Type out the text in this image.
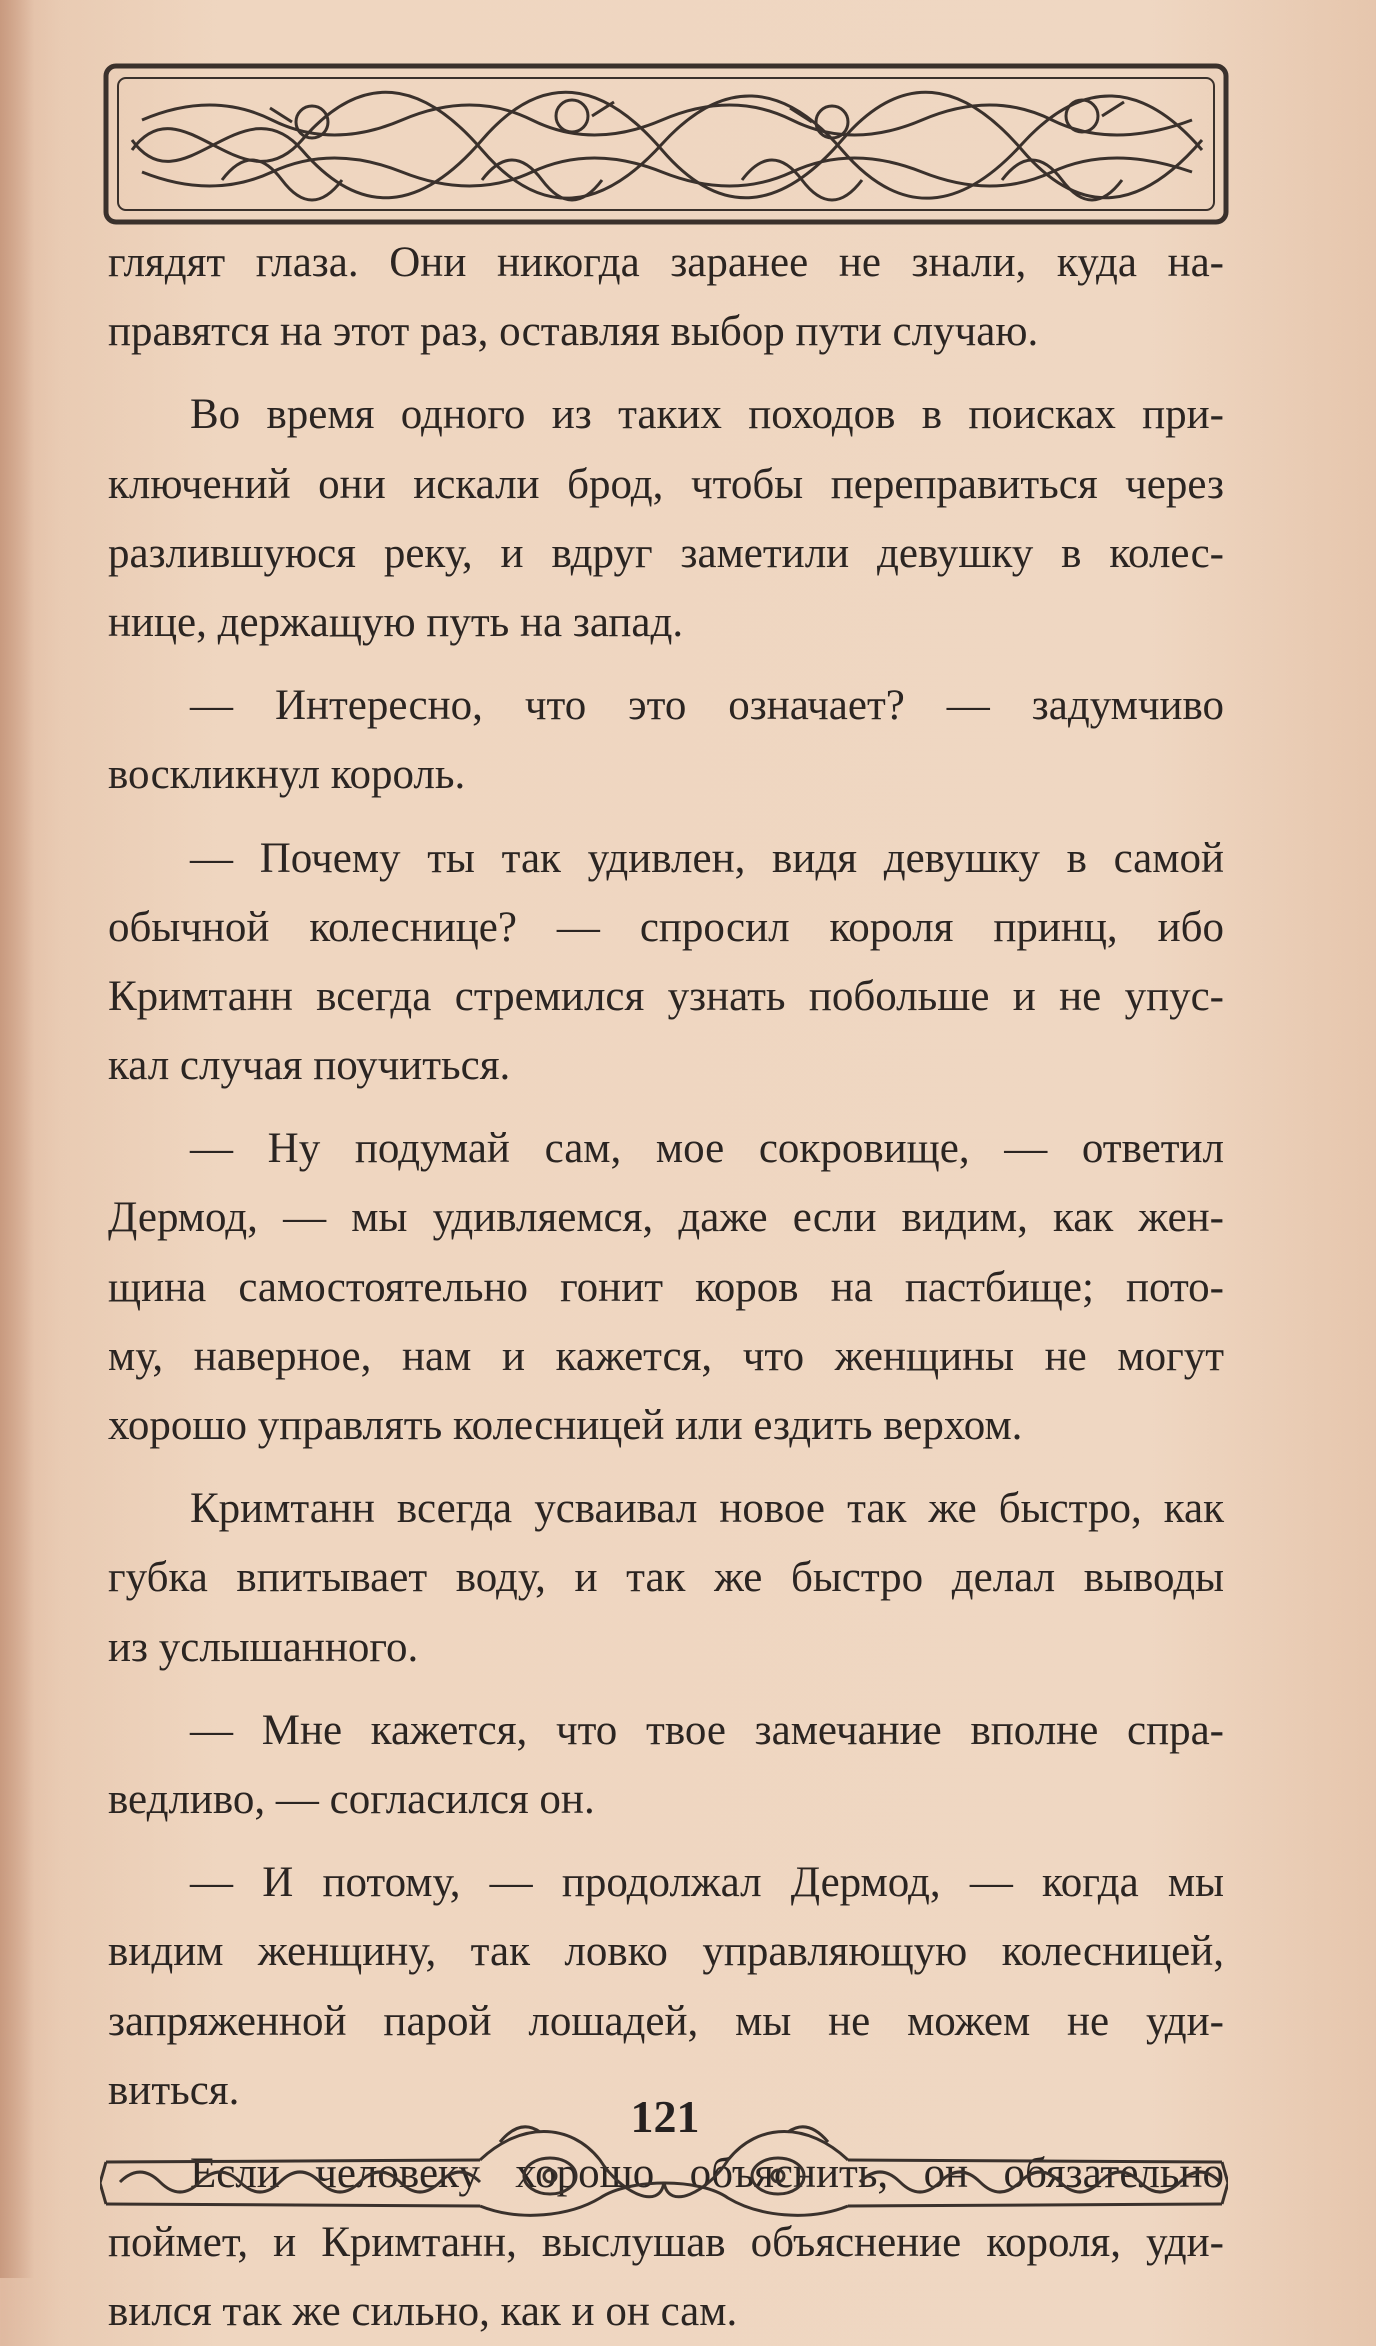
глядят глаза. Они никогда заранее не знали, куда на-
правятся на этот раз, оставляя выбор пути случаю.
Во время одного из таких походов в поисках при-
ключений они искали брод, чтобы переправиться через
разлившуюся реку, и вдруг заметили девушку в колес-
нице, держащую путь на запад.
— Интересно, что это означает? — задумчиво
воскликнул король.
— Почему ты так удивлен, видя девушку в самой
обычной колеснице? — спросил короля принц, ибо
Кримтанн всегда стремился узнать побольше и не упус-
кал случая поучиться.
— Ну подумай сам, мое сокровище, — ответил
Дермод, — мы удивляемся, даже если видим, как жен-
щина самостоятельно гонит коров на пастбище; пото-
му, наверное, нам и кажется, что женщины не могут
хорошо управлять колесницей или ездить верхом.
Кримтанн всегда усваивал новое так же быстро, как
губка впитывает воду, и так же быстро делал выводы
из услышанного.
— Мне кажется, что твое замечание вполне спра-
ведливо, — согласился он.
— И потому, — продолжал Дермод, — когда мы
видим женщину, так ловко управляющую колесницей,
запряженной парой лошадей, мы не можем не уди-
виться.
Если человеку хорошо объяснить, он обязательно
поймет, и Кримтанн, выслушав объяснение короля, уди-
вился так же сильно, как и он сам.
121
